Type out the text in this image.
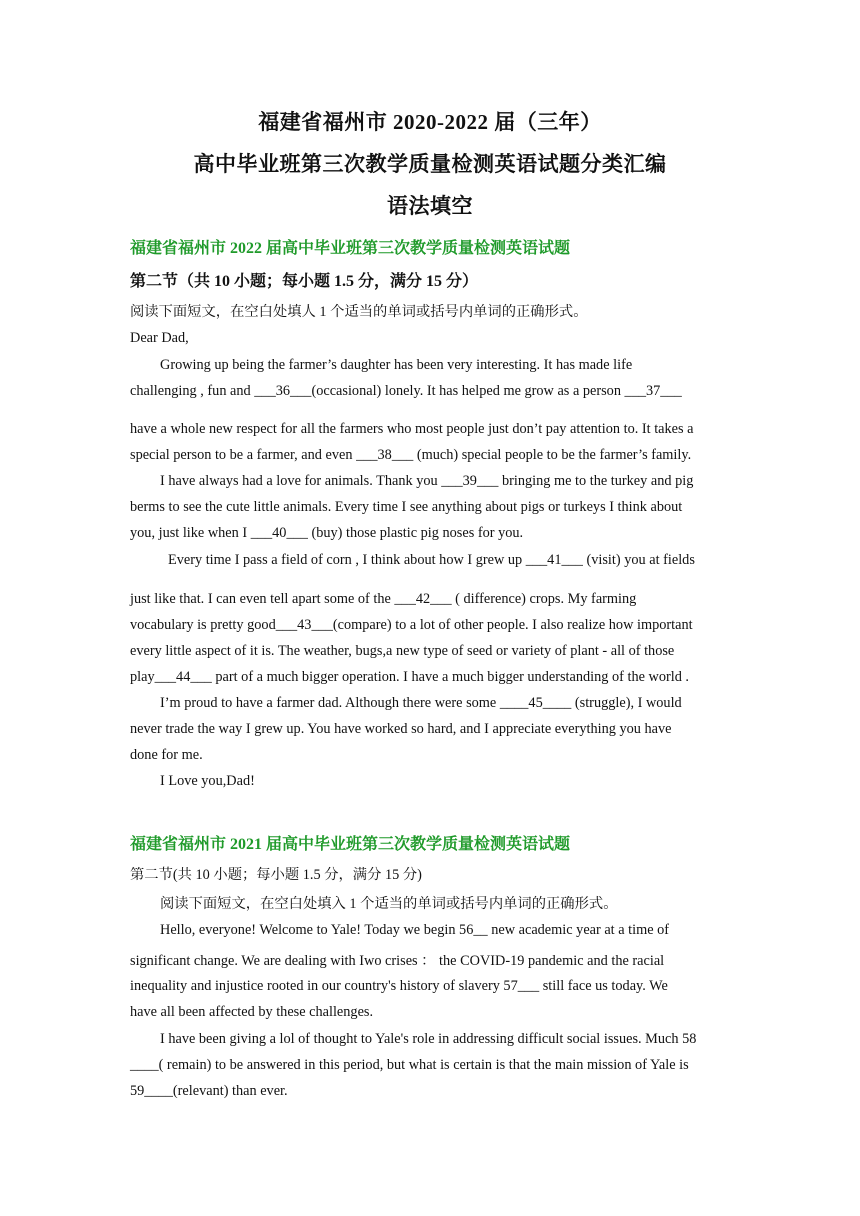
福建省福州市 2020-2022 届（三年）
高中毕业班第三次教学质量检测英语试题分类汇编
语法填空
福建省福州市 2022 届高中毕业班第三次教学质量检测英语试题
第二节（共 10 小题；每小题 1.5 分，满分 15 分）
阅读下面短文，在空白处填人 1 个适当的单词或括号内单词的正确形式。
Dear Dad,
Growing up being the farmer’s daughter has been very interesting. It has made life
challenging , fun and ___36___(occasional) lonely. It has helped me grow as a person ___37___
have a whole new respect for all the farmers who most people just don’t pay attention to. It takes a
special person to be a farmer, and even ___38___ (much) special people to be the farmer’s family.
I have always had a love for animals. Thank you ___39___ bringing me to the turkey and pig
berms to see the cute little animals. Every time I see anything about pigs or turkeys I think about
you, just like when I ___40___ (buy) those plastic pig noses for you.
Every time I pass a field of corn , I think about how I grew up ___41___ (visit) you at fields
just like that. I can even tell apart some of the ___42___ ( difference) crops. My farming
vocabulary is pretty good___43___(compare) to a lot of other people. I also realize how important
every little aspect of it is. The weather, bugs,a new type of seed or variety of plant - all of those
play___44___ part of a much bigger operation. I have a much bigger understanding of the world .
I’m proud to have a farmer dad. Although there were some ____45____ (struggle), I would
never trade the way I grew up. You have worked so hard, and I appreciate everything you have
done for me.
I Love you,Dad!
福建省福州市 2021 届高中毕业班第三次教学质量检测英语试题
第二节(共 10 小题；每小题 1.5 分，满分 15 分)
阅读下面短文，在空白处填入 1 个适当的单词或括号内单词的正确形式。
Hello, everyone! Welcome to Yale! Today we begin 56__ new academic year at a time of
significant change. We are dealing with Iwo crises ： the COVID-19 pandemic and the racial
inequality and injustice rooted in our country's history of slavery 57___ still face us today. We
have all been affected by these challenges.
I have been giving a lol of thought to Yale's role in addressing difficult social issues. Much 58
____( remain) to be answered in this period, but what is certain is that the main mission of Yale is
59____(relevant) than ever.
